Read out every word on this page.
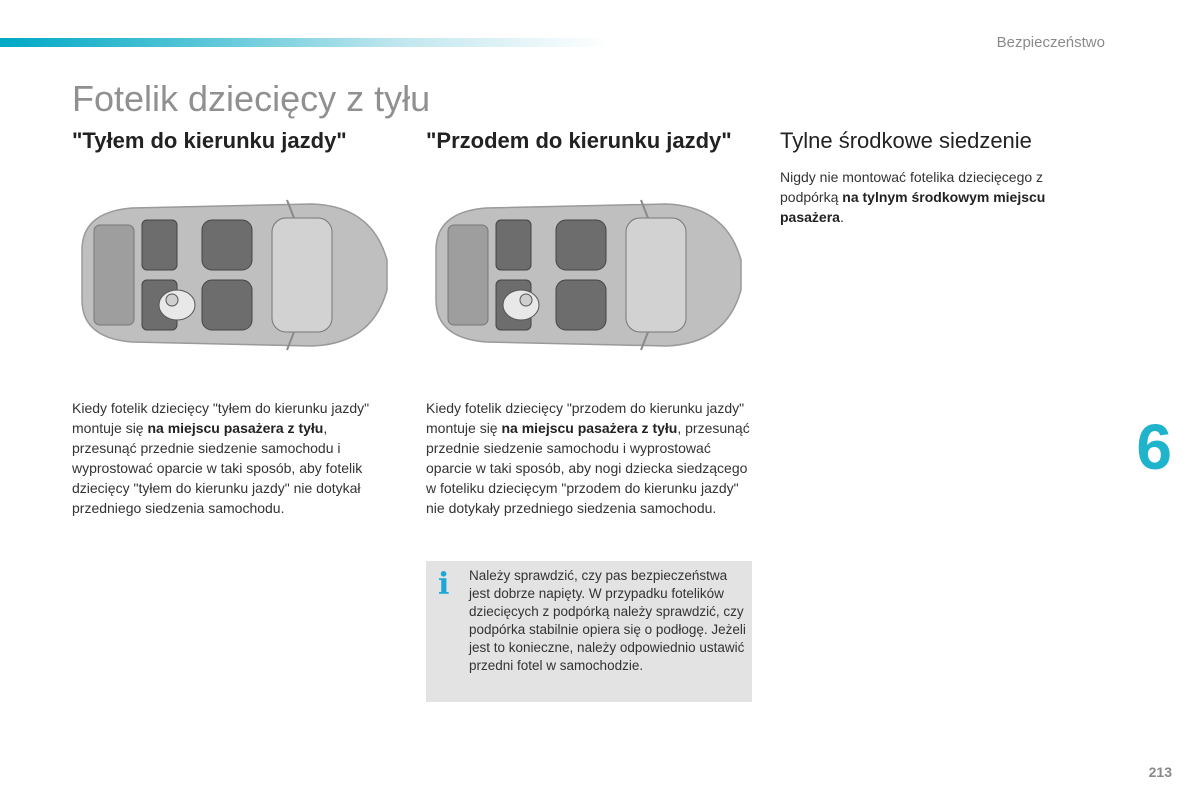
Bezpieczeństwo
Fotelik dziecięcy z tyłu
"Tyłem do kierunku jazdy"

Kiedy fotelik dziecięcy "tyłem do kierunku jazdy" montuje się na miejscu pasażera z tyłu, przesunąć przednie siedzenie samochodu i wyprostować oparcie w taki sposób, aby fotelik dziecięcy "tyłem do kierunku jazdy" nie dotykał przedniego siedzenia samochodu.

"Przodem do kierunku jazdy"

Kiedy fotelik dziecięcy "przodem do kierunku jazdy" montuje się na miejscu pasażera z tyłu, przesunąć przednie siedzenie samochodu i wyprostować oparcie w taki sposób, aby nogi dziecka siedzącego w foteliku dziecięcym "przodem do kierunku jazdy" nie dotykały przedniego siedzenia samochodu.

i Należy sprawdzić, czy pas bezpieczeństwa jest dobrze napięty. W przypadku fotelików dziecięcych z podpórką należy sprawdzić, czy podpórka stabilnie opiera się o podłogę. Jeżeli jest to konieczne, należy odpowiednio ustawić przedni fotel w samochodzie.
Tylne środkowe siedzenie

Nigdy nie montować fotelika dziecięcego z podpórką na tylnym środkowym miejscu pasażera.

6
213
